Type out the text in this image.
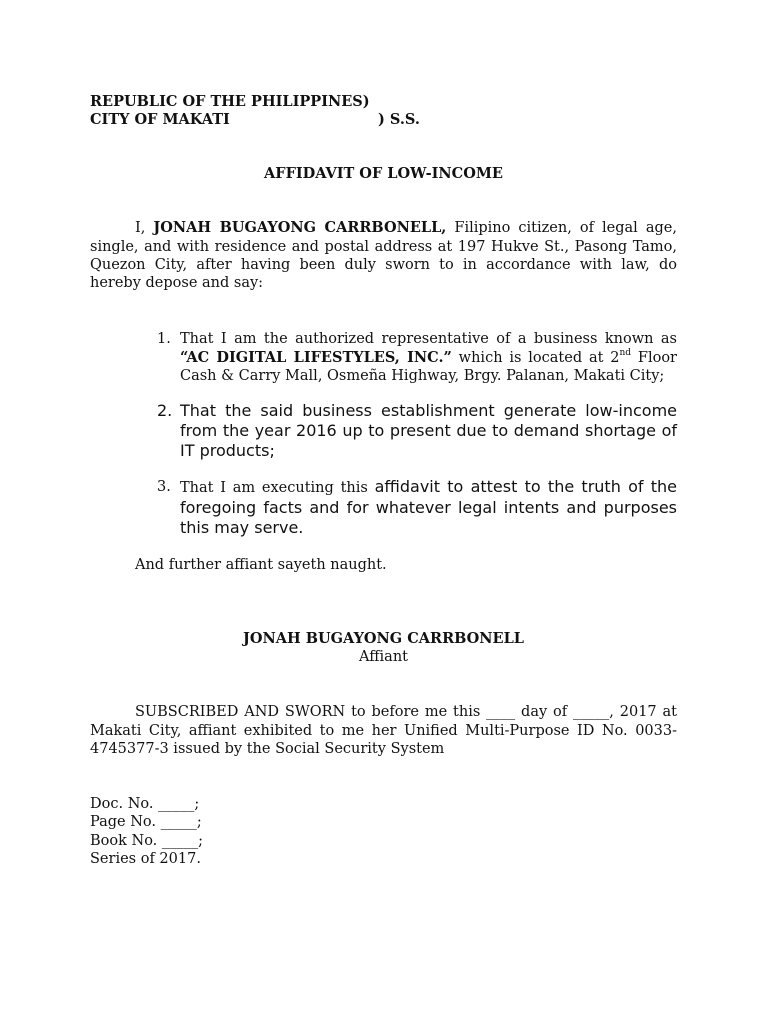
REPUBLIC OF THE PHILIPPINES)
CITY OF MAKATI	) S.S.
AFFIDAVIT OF LOW-INCOME

I, JONAH BUGAYONG CARRBONELL, Filipino citizen, of legal age, single, and with residence and postal address at 197 Hukve St., Pasong Tamo, Quezon City, after having been duly sworn to in accordance with law, do hereby depose and say:

1. That I am the authorized representative of a business known as “AC DIGITAL LIFESTYLES, INC.” which is located at 2nd Floor Cash & Carry Mall, Osmeña Highway, Brgy. Palanan, Makati City;
2. That the said business establishment generate low-income from the year 2016 up to present due to demand shortage of IT products;
3. That I am executing this affidavit to attest to the truth of the foregoing facts and for whatever legal intents and purposes this may serve.
And further affiant sayeth naught.
JONAH BUGAYONG CARRBONELL
Affiant

SUBSCRIBED AND SWORN to before me this ____ day of _____, 2017 at Makati City, affiant exhibited to me her Unified Multi-Purpose ID No. 0033-4745377-3 issued by the Social Security System

Doc. No. _____;
Page No. _____;
Book No. _____;
Series of 2017.
